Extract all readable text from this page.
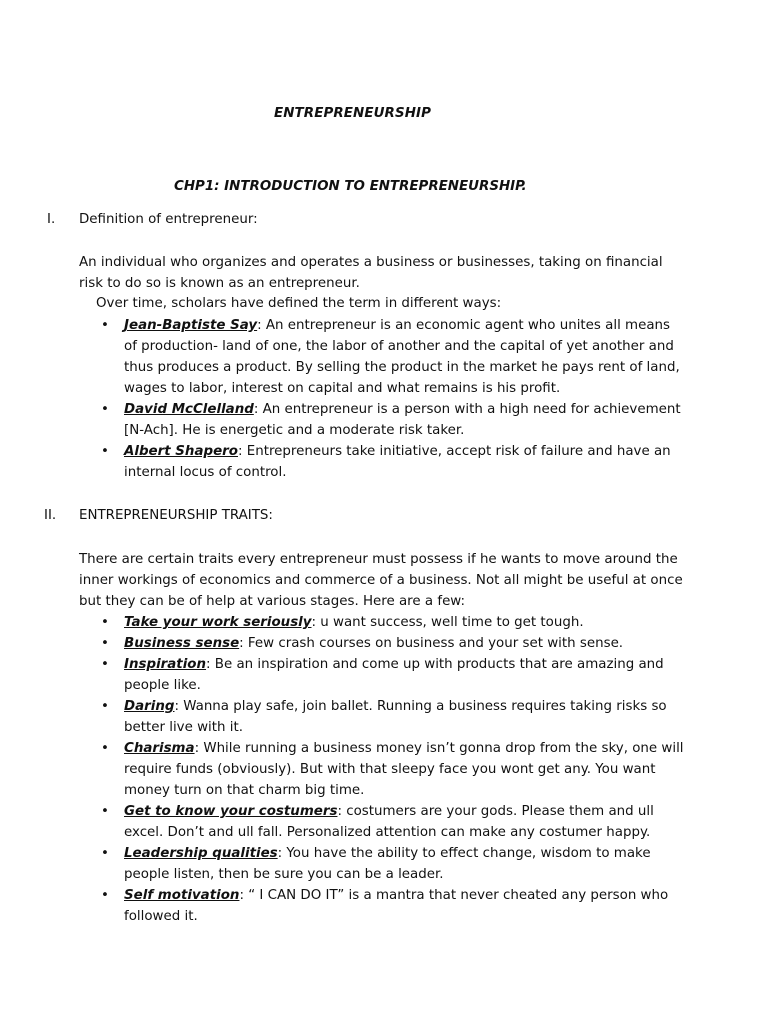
ENTREPRENEURSHIP
CHP1: INTRODUCTION TO ENTREPRENEURSHIP.
I. Definition of entrepreneur:

An individual who organizes and operates a business or businesses, taking on financial risk to do so is known as an entrepreneur.

Over time, scholars have defined the term in different ways:
• Jean-Baptiste Say: An entrepreneur is an economic agent who unites all means of production- land of one, the labor of another and the capital of yet another and thus produces a product. By selling the product in the market he pays rent of land, wages to labor, interest on capital and what remains is his profit.
• David McClelland: An entrepreneur is a person with a high need for achievement [N-Ach]. He is energetic and a moderate risk taker.
• Albert Shapero: Entrepreneurs take initiative, accept risk of failure and have an internal locus of control.
II. ENTREPRENEURSHIP TRAITS:

There are certain traits every entrepreneur must possess if he wants to move around the inner workings of economics and commerce of a business. Not all might be useful at once but they can be of help at various stages. Here are a few:

• Take your work seriously: u want success, well time to get tough.
• Business sense: Few crash courses on business and your set with sense.
• Inspiration: Be an inspiration and come up with products that are amazing and people like.
• Daring: Wanna play safe, join ballet. Running a business requires taking risks so better live with it.
• Charisma: While running a business money isn’t gonna drop from the sky, one will require funds (obviously). But with that sleepy face you wont get any. You want money turn on that charm big time.
• Get to know your costumers: costumers are your gods. Please them and ull excel. Don’t and ull fall. Personalized attention can make any costumer happy.
• Leadership qualities: You have the ability to effect change, wisdom to make people listen, then be sure you can be a leader.
• Self motivation: “ I CAN DO IT” is a mantra that never cheated any person who followed it.
